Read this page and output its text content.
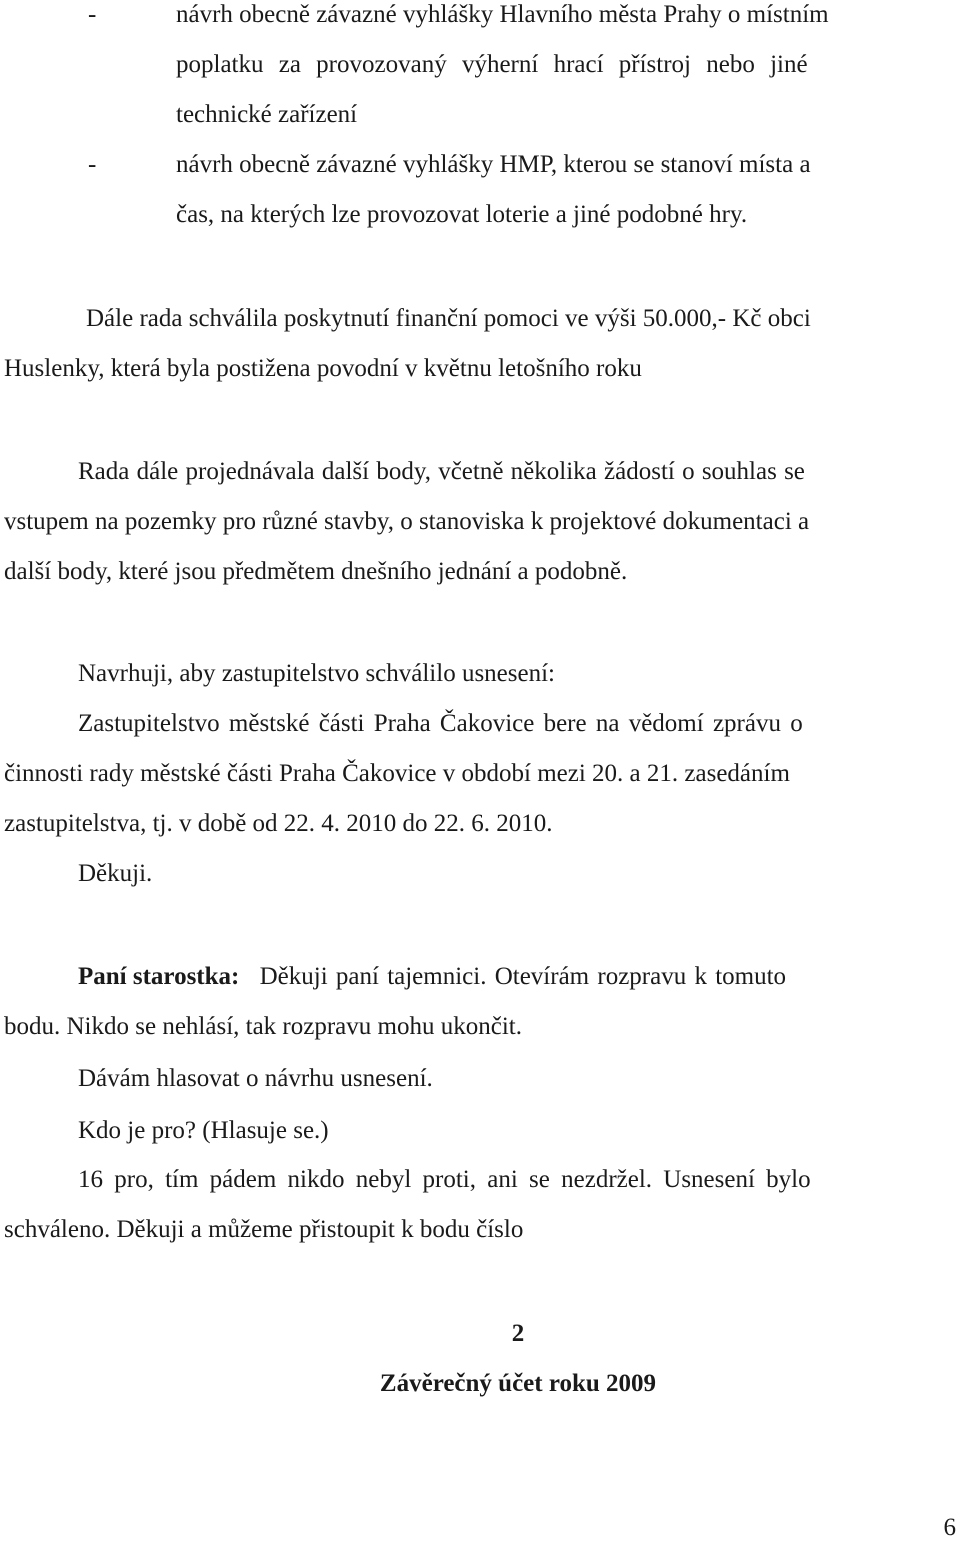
-	návrh obecně závazné vyhlášky Hlavního města Prahy o místním
poplatku za provozovaný výherní hrací přístroj nebo jiné
technické zařízení
-	návrh obecně závazné vyhlášky HMP, kterou se stanoví místa a
čas, na kterých lze provozovat loterie a jiné podobné hry.
Dále rada schválila poskytnutí finanční pomoci ve výši 50.000,- Kč obci
Huslenky, která byla postižena povodní v květnu letošního roku
Rada dále projednávala další body, včetně několika žádostí o souhlas se
vstupem na pozemky pro různé stavby, o stanoviska k projektové dokumentaci a
další body, které jsou předmětem dnešního jednání a podobně.
Navrhuji, aby zastupitelstvo schválilo usnesení:
Zastupitelstvo městské části Praha Čakovice bere na vědomí zprávu o
činnosti rady městské části Praha Čakovice v období mezi 20. a 21. zasedáním
zastupitelstva, tj. v době od 22. 4. 2010 do 22. 6. 2010.
Děkuji.
Paní starostka: Děkuji paní tajemnici. Otevírám rozpravu k tomuto
bodu. Nikdo se nehlásí, tak rozpravu mohu ukončit.
Dávám hlasovat o návrhu usnesení.
Kdo je pro? (Hlasuje se.)
16 pro, tím pádem nikdo nebyl proti, ani se nezdržel. Usnesení bylo
schváleno. Děkuji a můžeme přistoupit k bodu číslo
2
Závěrečný účet roku 2009
6
